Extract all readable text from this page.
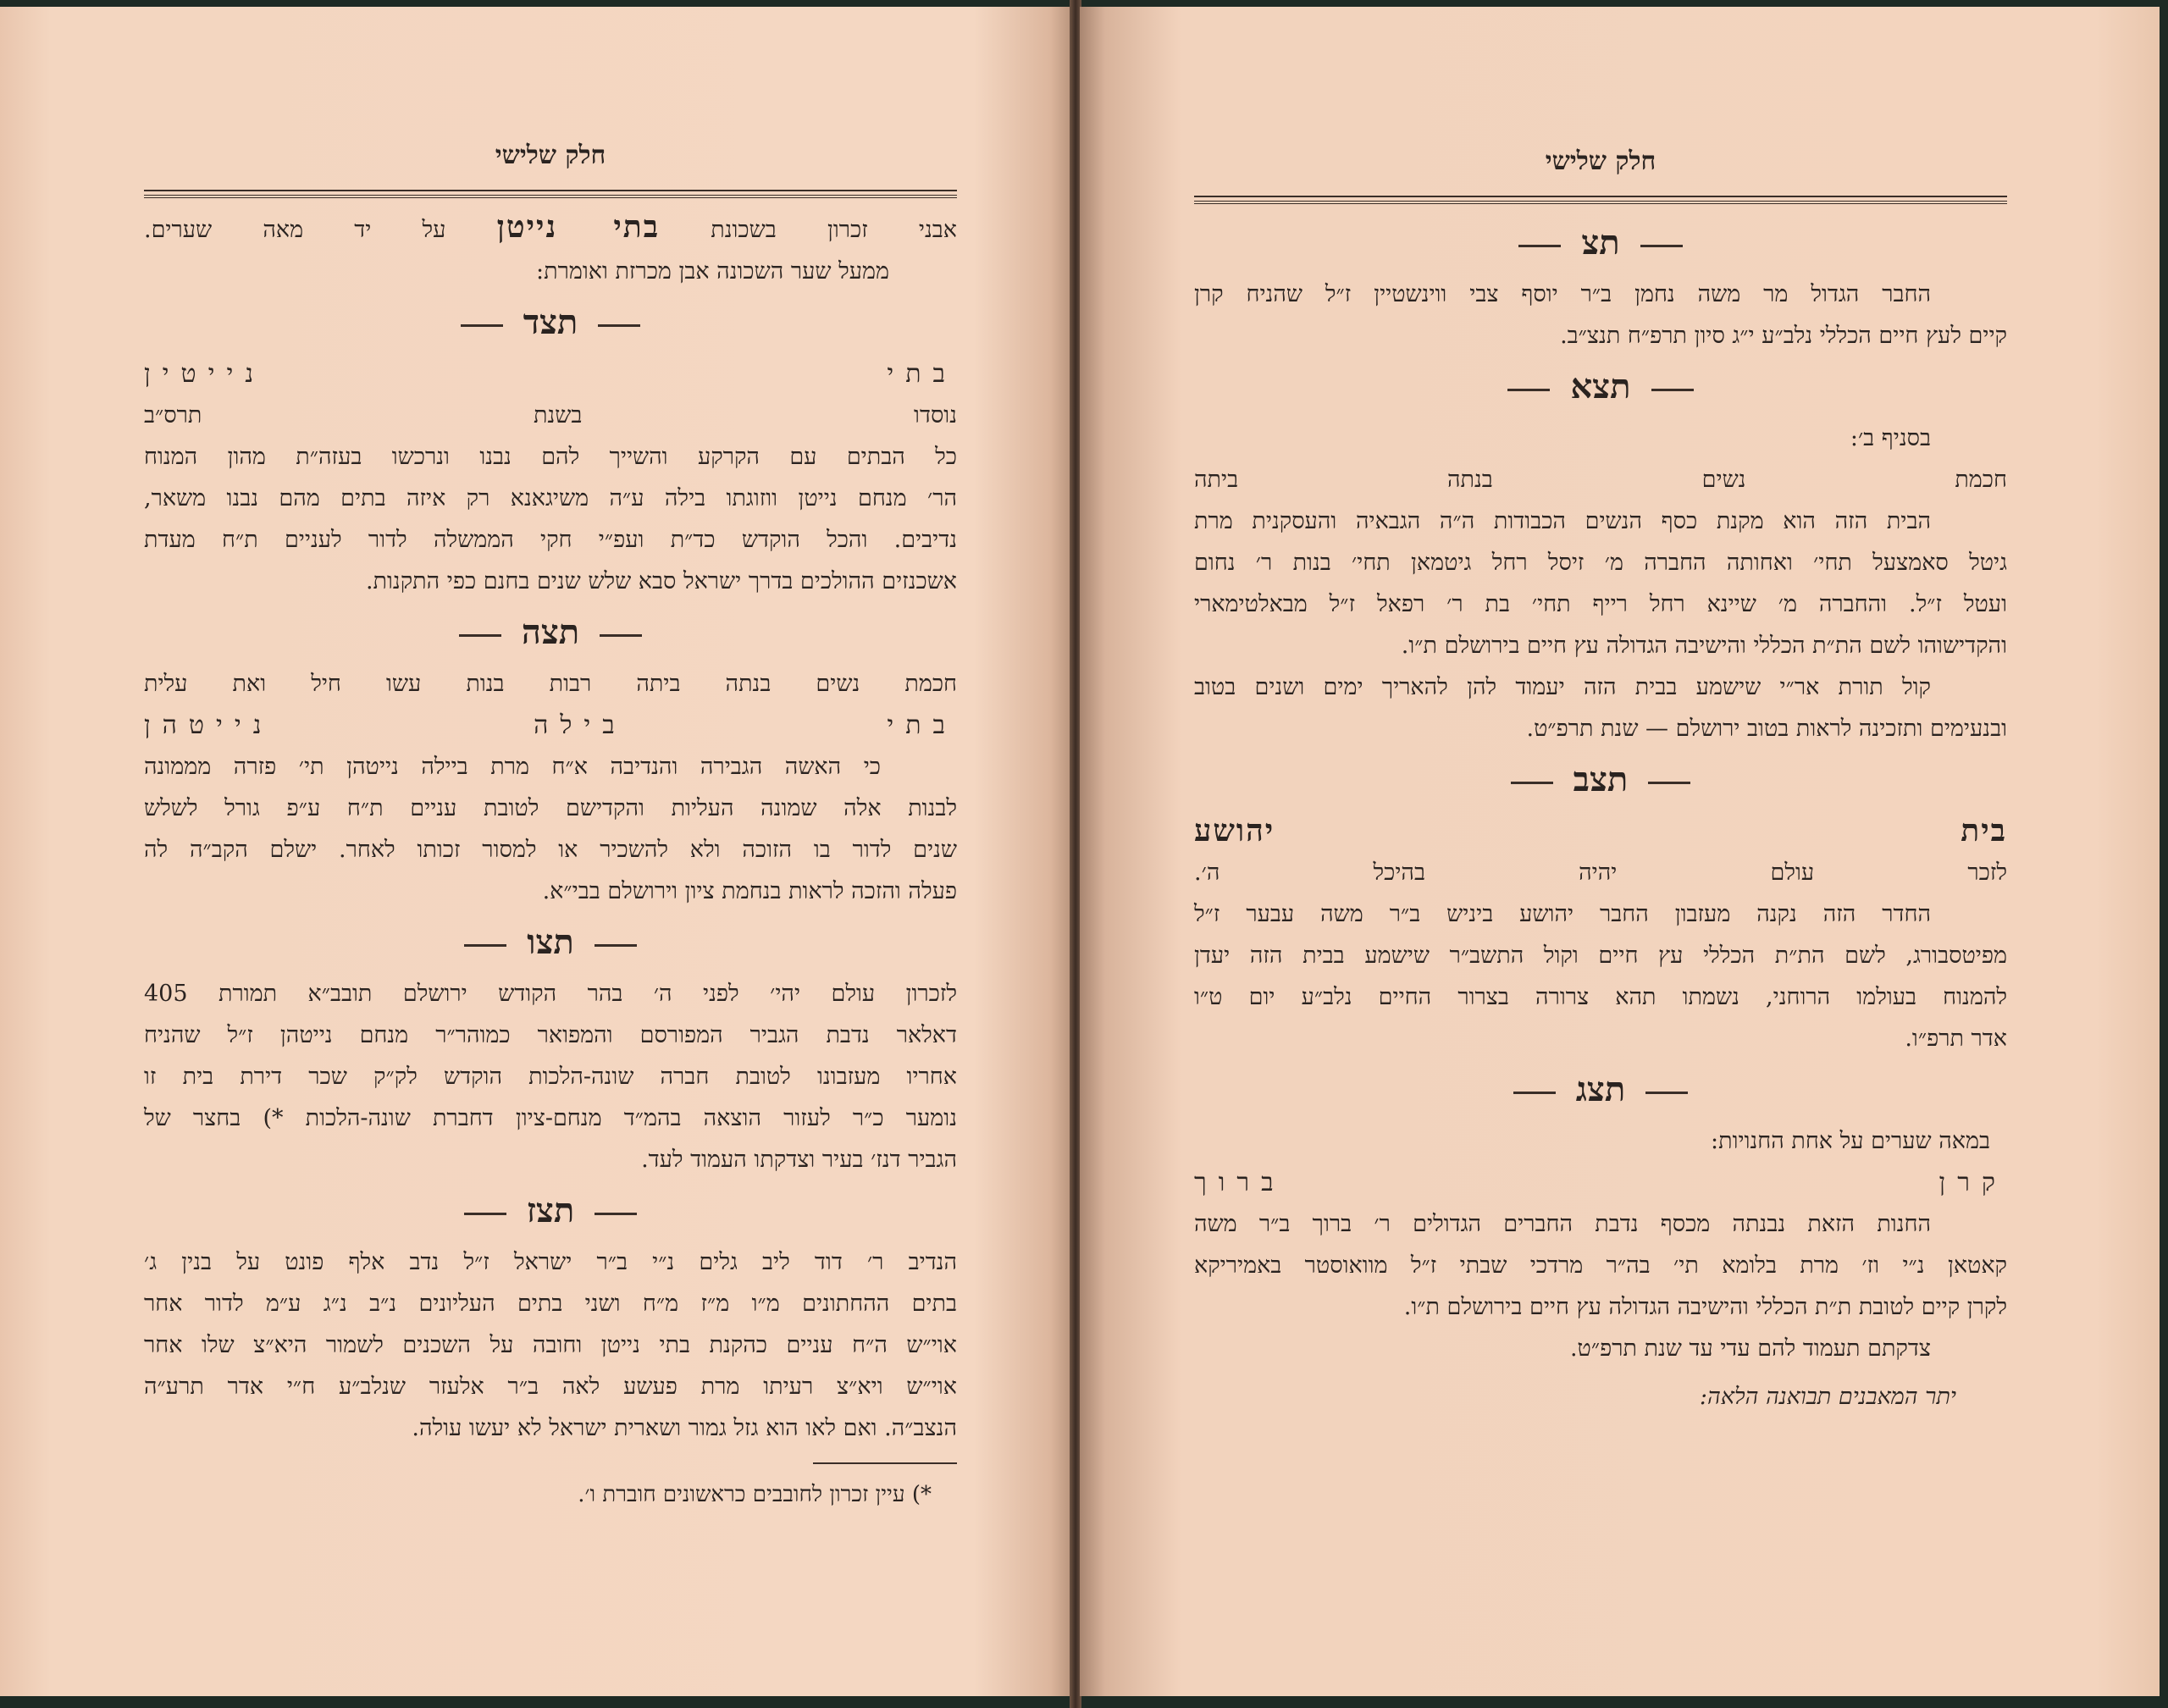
חלק שלישי

אבני זכרון בשכונת בתי נייטן על יד מאה שערים.

ממעל שער השכונה אבן מכרזת ואומרת:

תצד

בתי נייטין

נוסדו בשנת תרס״ב

כל הבתים עם הקרקע והשייך להם נבנו ונרכשו בעזה״ת מהון המנוח

הר׳ מנחם נייטן ווזוגתו בילה ע״ה משיגאנא רק איזה בתים מהם נבנו משאר,

נדיבים. והכל הוקדש כד״ת ועפ״י חקי הממשלה לדור לעניים ת״ח מעדת

אשכנזים ההולכים בדרך ישראל סבא שלש שנים בחנם כפי התקנות.

תצה

חכמת נשים בנתה ביתה רבות בנות עשו חיל ואת עלית

בתי בילה נייטהן

כי האשה הגבירה והנדיבה א״ח מרת ביילה נייטהן תי׳ פזרה מממונה

לבנות אלה שמונה העליות והקדישם לטובת עניים ת״ח ע״פ גורל לשלש

שנים לדור בו הזוכה ולא להשכיר או למסור זכותו לאחר. ישלם הקב״ה לה

פעלה והזכה לראות בנחמת ציון וירושלם בבי״א.

תצו

לזכרון עולם יהי׳ לפני ה׳ בהר הקודש ירושלם תובב״א תמורת 405

דאלאר נדבת הגביר המפורסם והמפואר כמוהר״ר מנחם נייטהן ז״ל שהניח

אחריו מעזבונו לטובת חברה שונה-הלכות הוקדש לק״ק שכר דירת בית זו

נומער כ״ר לעזור הוצאה בהמ״ד מנחם-ציון דחברת שונה-הלכות *) בחצר של

הגביר דנז׳ בעיר וצדקתו העמוד לעד.

תצז

הנדיב ר׳ דוד ליב גלים נ״י ב״ר ישראל ז״ל נדב אלף פונט על בנין ג׳

בתים ההחתונים מ״ו מ״ז מ״ח ושני בתים העליונים נ״ב נ״ג ע״מ לדור אחר

אוי״ש ה״ח עניים כהקנת בתי נייטן וחובה על השכנים לשמור היא״צ שלו אחר

אוי״ש ויא״צ רעיתו מרת פעשע לאה ב״ר אלעזר שנלב״ע ח״י אדר תרע״ה

הנצב״ה. ואם לאו הוא גזל גמור ושארית ישראל לא יעשו עולה.

*) עיין זכרון לחובבים כראשונים חוברת ו׳.

חלק שלישי
תצ

החבר הגדול מר משה נחמן ב״ר יוסף צבי ווינשטיין ז״ל שהניח קרן

קיים לעץ חיים הכללי נלב״ע י״ג סיון תרפ״ח תנצ״ב.

תצא

בסניף ב׳:

חכמת נשים בנתה ביתה

הבית הזה הוא מקנת כסף הנשים הכבודות ה״ה הגבאיה והעסקנית מרת

גיטל סאמצעל תחי׳ ואחותה החברה מ׳ זיסל רחל גיטמאן תחי׳ בנות ר׳ נחום

ועטל ז״ל. והחברה מ׳ שיינא רחל רייף תחי׳ בת ר׳ רפאל ז״ל מבאלטימארי

והקדישוהו לשם הת״ת הכללי והישיבה הגדולה עץ חיים בירושלם ת״ו.

קול תורת אר״י שישמע בבית הזה יעמוד להן להאריך ימים ושנים בטוב

ובנעימים ותזכינה לראות בטוב ירושלם — שנת תרפ״ט.

תצב

בית יהושע

לזכר עולם יהיה בהיכל ה׳.

החדר הזה נקנה מעזבון החבר יהושע ביניש ב״ר משה עבער ז״ל

מפיטסבורג, לשם הת״ת הכללי עץ חיים וקול התשב״ר שישמע בבית הזה יעדן

להמנוח בעולמו הרוחני, נשמתו תהא צרורה בצרור החיים נלב״ע יום ט״ו

אדר תרפ״ו.

תצג

במאה שערים על אחת החנויות:

קרן ברוך

החנות הזאת נבנתה מכסף נדבת החברים הגדולים ר׳ ברוך ב״ר משה

קאטאן נ״י וז׳ מרת בלומא תי׳ בה״ר מרדכי שבתי ז״ל מוואוסטר באמיריקא

לקרן קיים לטובת ת״ת הכללי והישיבה הגדולה עץ חיים בירושלם ת״ו.

צדקתם תעמוד להם עדי עד שנת תרפ״ט.

יתר המאבנים תבואנה הלאה:
